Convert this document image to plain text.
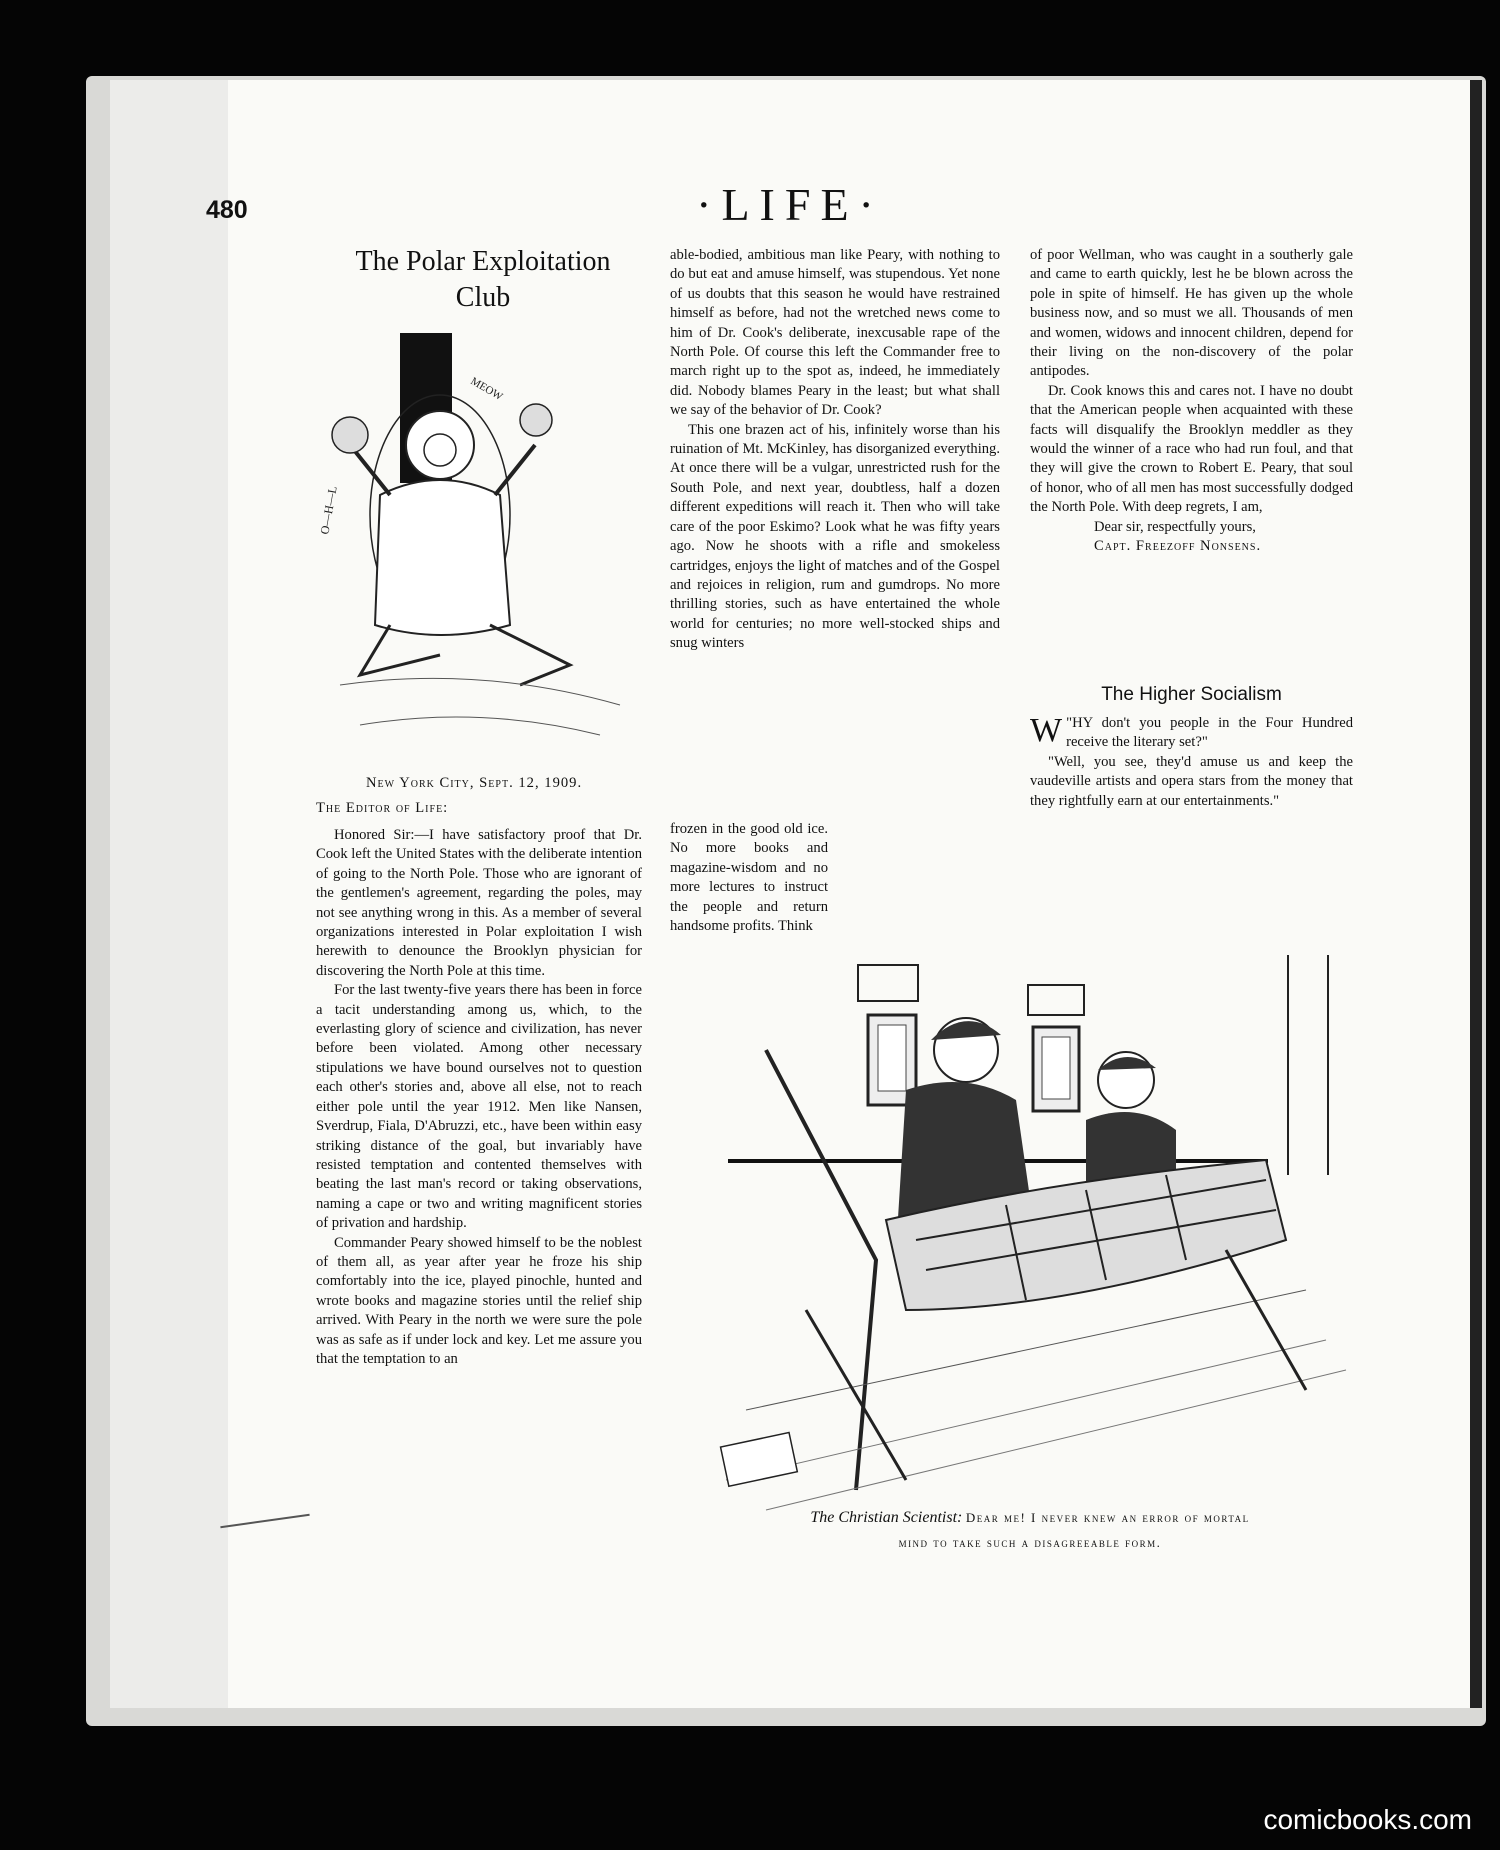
480	·LIFE·
The Polar Exploitation
Club
O—H—L
MEOW
New York City, Sept. 12, 1909.
The Editor of Life:

Honored Sir:—I have satisfactory proof that Dr. Cook left the United States with the deliberate intention of going to the North Pole. Those who are ignorant of the gentlemen's agreement, regarding the poles, may not see anything wrong in this. As a member of several organizations interested in Polar exploitation I wish herewith to denounce the Brooklyn physician for discovering the North Pole at this time.

For the last twenty-five years there has been in force a tacit understanding among us, which, to the everlasting glory of science and civilization, has never before been violated. Among other necessary stipulations we have bound ourselves not to question each other's stories and, above all else, not to reach either pole until the year 1912. Men like Nansen, Sverdrup, Fiala, D'Abruzzi, etc., have been within easy striking distance of the goal, but invariably have resisted temptation and contented themselves with beating the last man's record or taking observations, naming a cape or two and writing magnificent stories of privation and hardship.

Commander Peary showed himself to be the noblest of them all, as year after year he froze his ship comfortably into the ice, played pinochle, hunted and wrote books and magazine stories until the relief ship arrived. With Peary in the north we were sure the pole was as safe as if under lock and key. Let me assure you that the temptation to an

able-bodied, ambitious man like Peary, with nothing to do but eat and amuse himself, was stupendous. Yet none of us doubts that this season he would have restrained himself as before, had not the wretched news come to him of Dr. Cook's deliberate, inexcusable rape of the North Pole. Of course this left the Commander free to march right up to the spot as, indeed, he immediately did. Nobody blames Peary in the least; but what shall we say of the behavior of Dr. Cook?

This one brazen act of his, infinitely worse than his ruination of Mt. McKinley, has disorganized everything. At once there will be a vulgar, unrestricted rush for the South Pole, and next year, doubtless, half a dozen different expeditions will reach it. Then who will take care of the poor Eskimo? Look what he was fifty years ago. Now he shoots with a rifle and smokeless cartridges, enjoys the light of matches and of the Gospel and rejoices in religion, rum and gumdrops. No more thrilling stories, such as have entertained the whole world for centuries; no more well-stocked ships and snug winters

frozen in the good old ice. No more books and magazine-wisdom and no more lectures to instruct the people and return handsome profits. Think

of poor Wellman, who was caught in a southerly gale and came to earth quickly, lest he be blown across the pole in spite of himself. He has given up the whole business now, and so must we all. Thousands of men and women, widows and innocent children, depend for their living on the non-discovery of the polar antipodes.

Dr. Cook knows this and cares not. I have no doubt that the American people when acquainted with these facts will disqualify the Brooklyn meddler as they would the winner of a race who had run foul, and that they will give the crown to Robert E. Peary, that soul of honor, who of all men has most successfully dodged the North Pole. With deep regrets, I am,

Dear sir, respectfully yours,
Capt. Freezoff Nonsens.
The Higher Socialism

"
W HY don't you people in the Four Hundred receive the literary set?"

"Well, you see, they'd amuse us and keep the vaudeville artists and opera stars from the money that they rightfully earn at our entertainments."

The Christian Scientist: Dear me! I never knew an error of mortal
mind to take such a disagreeable form.
comicbooks.com
